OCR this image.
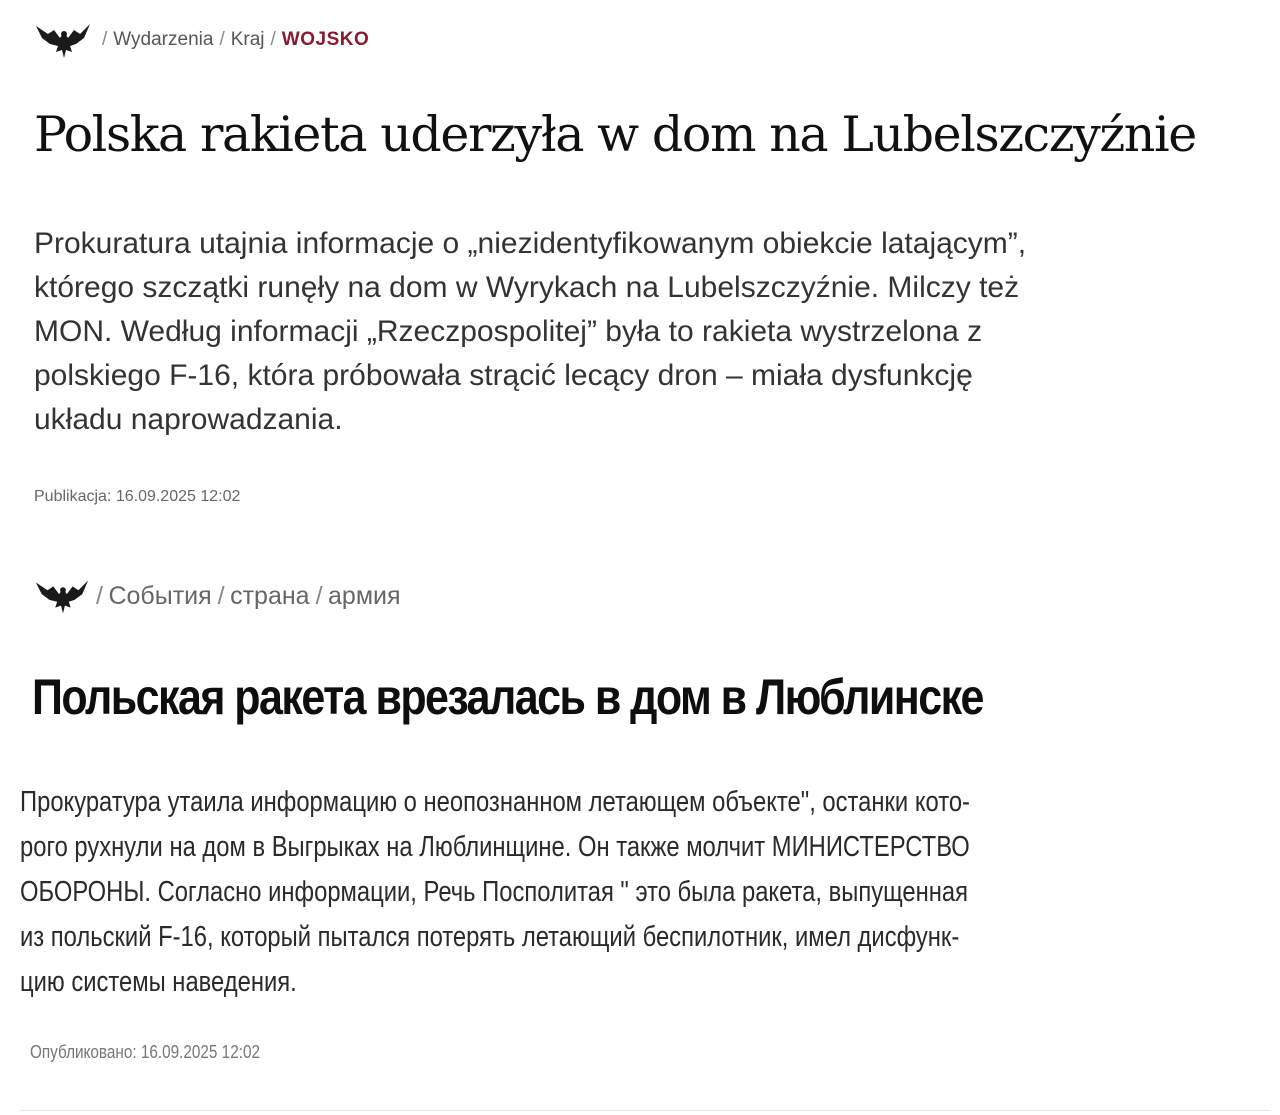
/ Wydarzenia / Kraj / WOJSKO
Polska rakieta uderzyła w dom na Lubelszczyźnie

Prokuratura utajnia informacje o „niezidentyfikowanym obiekcie latającym”,
którego szczątki runęły na dom w Wyrykach na Lubelszczyźnie. Milczy też
MON. Według informacji „Rzeczpospolitej” była to rakieta wystrzelona z
polskiego F-16, która próbowała strącić lecący dron – miała dysfunkcję
układu naprowadzania.

Publikacja: 16.09.2025 12:02

/ События / страна / армия
Польская ракета врезалась в дом в Люблинске

Прокуратура утаила информацию о неопознанном летающем объекте", останки кото-
рого рухнули на дом в Выгрыках на Люблинщине. Он также молчит МИНИСТЕРСТВО
ОБОРОНЫ. Согласно информации, Речь Посполитая " это была ракета, выпущенная
из польский F-16, который пытался потерять летающий беспилотник, имел дисфунк-
цию системы наведения.

Опубликовано: 16.09.2025 12:02
